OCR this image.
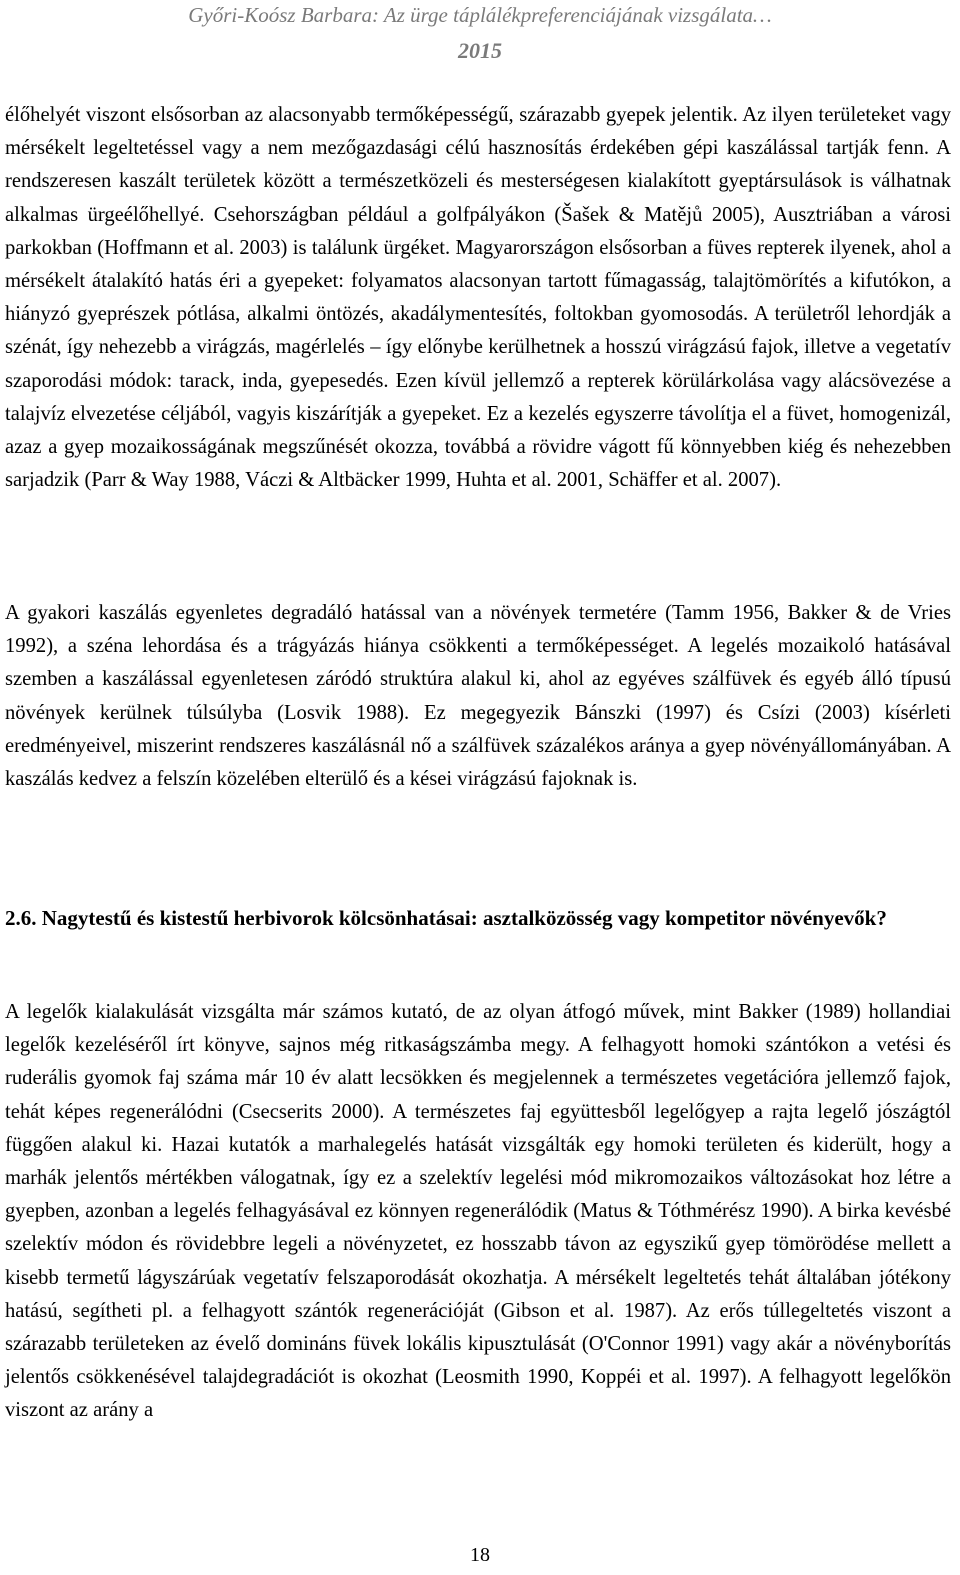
Győri-Koósz Barbara: Az ürge táplálékpreferenciájának vizsgálata…
2015

élőhelyét viszont elsősorban az alacsonyabb termőképességű, szárazabb gyepek jelentik. Az ilyen területeket vagy mérsékelt legeltetéssel vagy a nem mezőgazdasági célú hasznosítás érdekében gépi kaszálással tartják fenn. A rendszeresen kaszált területek között a természetközeli és mesterségesen kialakított gyeptársulások is válhatnak alkalmas ürgeélőhellyé. Csehországban például a golfpályákon (Šašek & Matějů 2005), Ausztriában a városi parkokban (Hoffmann et al. 2003) is találunk ürgéket. Magyarországon elsősorban a füves repterek ilyenek, ahol a mérsékelt átalakító hatás éri a gyepeket: folyamatos alacsonyan tartott fűmagasság, talajtömörítés a kifutókon, a hiányzó gyeprészek pótlása, alkalmi öntözés, akadálymentesítés, foltokban gyomosodás. A területről lehordják a szénát, így nehezebb a virágzás, magérlelés – így előnybe kerülhetnek a hosszú virágzású fajok, illetve a vegetatív szaporodási módok: tarack, inda, gyepesedés. Ezen kívül jellemző a repterek körülárkolása vagy alácsövezése a talajvíz elvezetése céljából, vagyis kiszárítják a gyepeket. Ez a kezelés egyszerre távolítja el a füvet, homogenizál, azaz a gyep mozaikosságának megszűnését okozza, továbbá a rövidre vágott fű könnyebben kiég és nehezebben sarjadzik (Parr & Way 1988, Váczi & Altbäcker 1999, Huhta et al. 2001, Schäffer et al. 2007).

A gyakori kaszálás egyenletes degradáló hatással van a növények termetére (Tamm 1956, Bakker & de Vries 1992), a széna lehordása és a trágyázás hiánya csökkenti a termőképességet. A legelés mozaikoló hatásával szemben a kaszálással egyenletesen záródó struktúra alakul ki, ahol az egyéves szálfüvek és egyéb álló típusú növények kerülnek túlsúlyba (Losvik 1988). Ez megegyezik Bánszki (1997) és Csízi (2003) kísérleti eredményeivel, miszerint rendszeres kaszálásnál nő a szálfüvek százalékos aránya a gyep növényállományában. A kaszálás kedvez a felszín közelében elterülő és a kései virágzású fajoknak is.

2.6. Nagytestű és kistestű herbivorok kölcsönhatásai: asztalközösség vagy kompetitor növényevők?

A legelők kialakulását vizsgálta már számos kutató, de az olyan átfogó művek, mint Bakker (1989) hollandiai legelők kezeléséről írt könyve, sajnos még ritkaságszámba megy. A felhagyott homoki szántókon a vetési és ruderális gyomok faj száma már 10 év alatt lecsökken és megjelennek a természetes vegetációra jellemző fajok, tehát képes regenerálódni (Csecserits 2000). A természetes faj együttesből legelőgyep a rajta legelő jószágtól függően alakul ki. Hazai kutatók a marhalegelés hatását vizsgálták egy homoki területen és kiderült, hogy a marhák jelentős mértékben válogatnak, így ez a szelektív legelési mód mikromozaikos változásokat hoz létre a gyepben, azonban a legelés felhagyásával ez könnyen regenerálódik (Matus & Tóthmérész 1990). A birka kevésbé szelektív módon és rövidebbre legeli a növényzetet, ez hosszabb távon az egyszikű gyep tömörödése mellett a kisebb termetű lágyszárúak vegetatív felszaporodását okozhatja. A mérsékelt legeltetés tehát általában jótékony hatású, segítheti pl. a felhagyott szántók regenerációját (Gibson et al. 1987). Az erős túllegeltetés viszont a szárazabb területeken az évelő domináns füvek lokális kipusztulását (O'Connor 1991) vagy akár a növényborítás jelentős csökkenésével talajdegradációt is okozhat (Leosmith 1990, Koppéi et al. 1997). A felhagyott legelőkön viszont az arány a

18
